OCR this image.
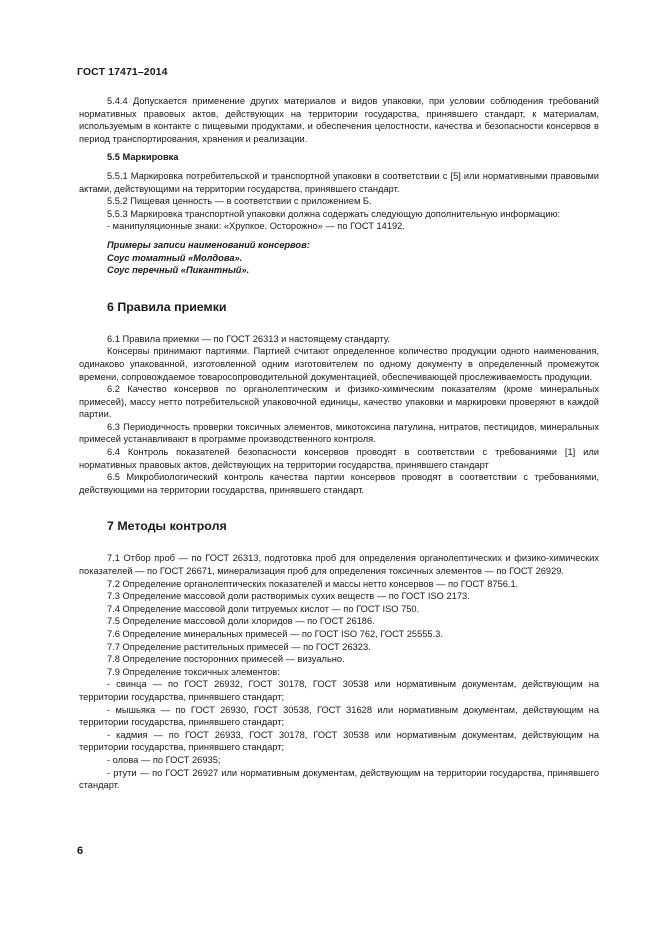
ГОСТ 17471–2014

5.4.4 Допускается применение других материалов и видов упаковки, при условии соблюдения требований нормативных правовых актов, действующих на территории государства, принявшего стандарт, к материалам, используемым в контакте с пищевыми продуктами, и обеспечения целостности, качества и безопасности консервов в период транспортирования, хранения и реализации.

5.5 Маркировка

5.5.1 Маркировка потребительской и транспортной упаковки в соответствии с [5] или нормативными правовыми актами, действующими на территории государства, принявшего стандарт.

5.5.2 Пищевая ценность — в соответствии с приложением Б.

5.5.3 Маркировка транспортной упаковки должна содержать следующую дополнительную информацию:

- манипуляционные знаки: «Хрупкое. Осторожно» — по ГОСТ 14192.

Примеры записи наименований консервов:

Соус томатный «Молдова».

Соус перечный «Пикантный».

6 Правила приемки

6.1 Правила приемки — по ГОСТ 26313 и настоящему стандарту.

Консервы принимают партиями. Партией считают определенное количество продукции одного наименования, одинаково упакованной, изготовленной одним изготовителем по одному документу в определенный промежуток времени, сопровождаемое товаросопроводительной документацией, обеспечивающей прослеживаемость продукции.

6.2 Качество консервов по органолептическим и физико-химическим показателям (кроме минеральных примесей), массу нетто потребительской упаковочной единицы, качество упаковки и маркировки проверяют в каждой партии.

6.3 Периодичность проверки токсичных элементов, микотоксина патулина, нитратов, пестицидов, минеральных примесей устанавливают в программе производственного контроля.

6.4 Контроль показателей безопасности консервов проводят в соответствии с требованиями [1] или нормативных правовых актов, действующих на территории государства, принявшего стандарт

6.5 Микробиологический контроль качества партии консервов проводят в соответствии с требованиями, действующими на территории государства, принявшего стандарт.

7 Методы контроля

7.1 Отбор проб — по ГОСТ 26313, подготовка проб для определения органолептических и физико-химических показателей — по ГОСТ 26671, минерализация проб для определения токсичных элементов — по ГОСТ 26929.

7.2 Определение органолептических показателей и массы нетто консервов — по ГОСТ 8756.1.

7.3 Определение массовой доли растворимых сухих веществ — по ГОСТ ISO 2173.

7.4 Определение массовой доли титруемых кислот — по ГОСТ ISO 750.

7.5 Определение массовой доли хлоридов — по ГОСТ 26186.

7.6 Определение минеральных примесей — по ГОСТ ISO 762, ГОСТ 25555.3.

7.7 Определение растительных примесей — по ГОСТ 26323.

7.8 Определение посторонних примесей — визуально.

7.9 Определение токсичных элементов:

- свинца — по ГОСТ 26932, ГОСТ 30178, ГОСТ 30538 или нормативным документам, действующим на территории государства, принявшего стандарт;

- мышьяка — по ГОСТ 26930, ГОСТ 30538, ГОСТ 31628 или нормативным документам, действующим на территории государства, принявшего стандарт;

- кадмия — по ГОСТ 26933, ГОСТ 30178, ГОСТ 30538 или нормативным документам, действующим на территории государства, принявшего стандарт;

- олова — по ГОСТ 26935;

- ртути — по ГОСТ 26927 или нормативным документам, действующим на территории государства, принявшего стандарт.

6
